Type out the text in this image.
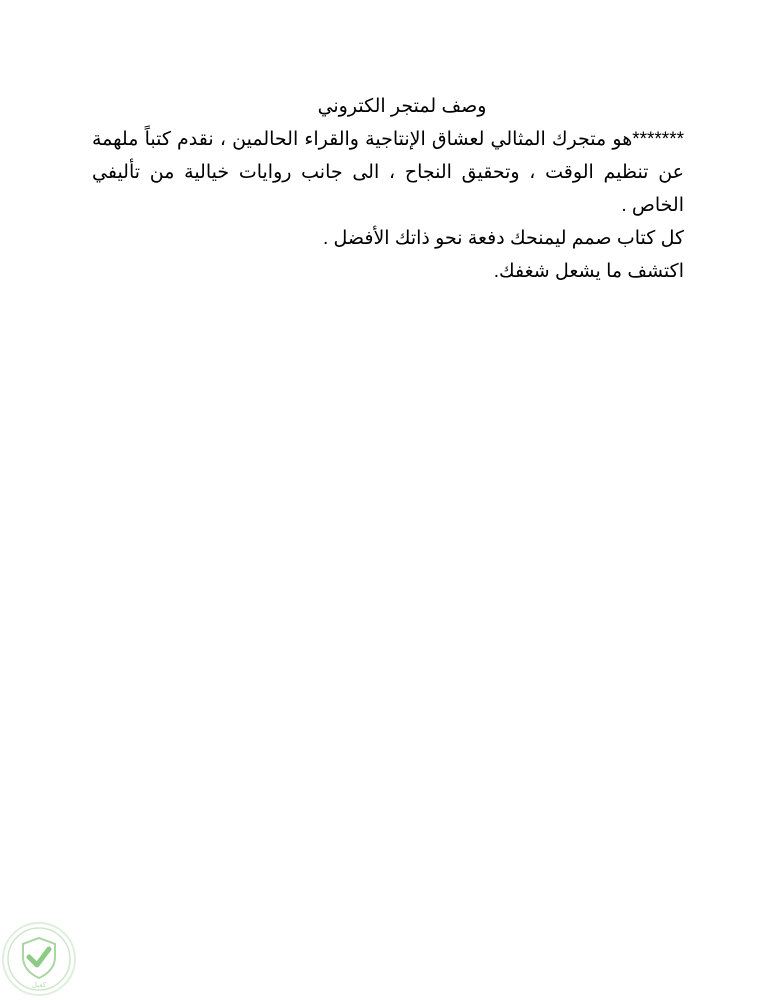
وصف لمتجر الكتروني

*******هو متجرك المثالي لعشاق الإنتاجية والقراء الحالمين ، نقدم كتباً ملهمة عن تنظيم الوقت ، وتحقيق النجاح ، الى جانب روايات خيالية من تأليفي الخاص .

كل كتاب صمم ليمنحك دفعة نحو ذاتك الأفضل .

اكتشف ما يشعل شغفك.

كفيل
